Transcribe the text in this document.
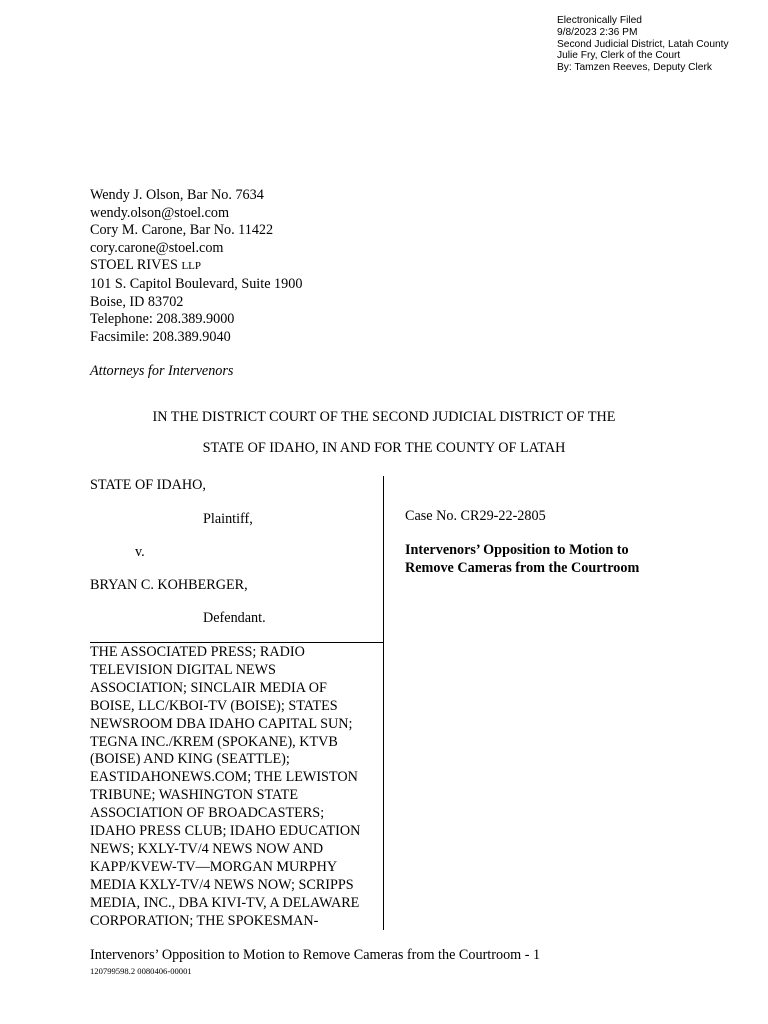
Electronically Filed
9/8/2023 2:36 PM
Second Judicial District, Latah County
Julie Fry, Clerk of the Court
By: Tamzen Reeves, Deputy Clerk
Wendy J. Olson, Bar No. 7634
wendy.olson@stoel.com
Cory M. Carone, Bar No. 11422
cory.carone@stoel.com
STOEL RIVES LLP
101 S. Capitol Boulevard, Suite 1900
Boise, ID 83702
Telephone: 208.389.9000
Facsimile: 208.389.9040
Attorneys for Intervenors
IN THE DISTRICT COURT OF THE SECOND JUDICIAL DISTRICT OF THE
STATE OF IDAHO, IN AND FOR THE COUNTY OF LATAH
STATE OF IDAHO,
Plaintiff,
v.
BRYAN C. KOHBERGER,
Defendant.
THE ASSOCIATED PRESS; RADIO
TELEVISION DIGITAL NEWS
ASSOCIATION; SINCLAIR MEDIA OF
BOISE, LLC/KBOI-TV (BOISE); STATES
NEWSROOM DBA IDAHO CAPITAL SUN;
TEGNA INC./KREM (SPOKANE), KTVB
(BOISE) AND KING (SEATTLE);
EASTIDAHONEWS.COM; THE LEWISTON
TRIBUNE; WASHINGTON STATE
ASSOCIATION OF BROADCASTERS;
IDAHO PRESS CLUB; IDAHO EDUCATION
NEWS; KXLY-TV/4 NEWS NOW AND
KAPP/KVEW-TV—MORGAN MURPHY
MEDIA KXLY-TV/4 NEWS NOW; SCRIPPS
MEDIA, INC., DBA KIVI-TV, A DELAWARE
CORPORATION; THE SPOKESMAN-
Case No. CR29-22-2805
Intervenors’ Opposition to Motion to
Remove Cameras from the Courtroom
Intervenors’ Opposition to Motion to Remove Cameras from the Courtroom - 1
120799598.2 0080406-00001
